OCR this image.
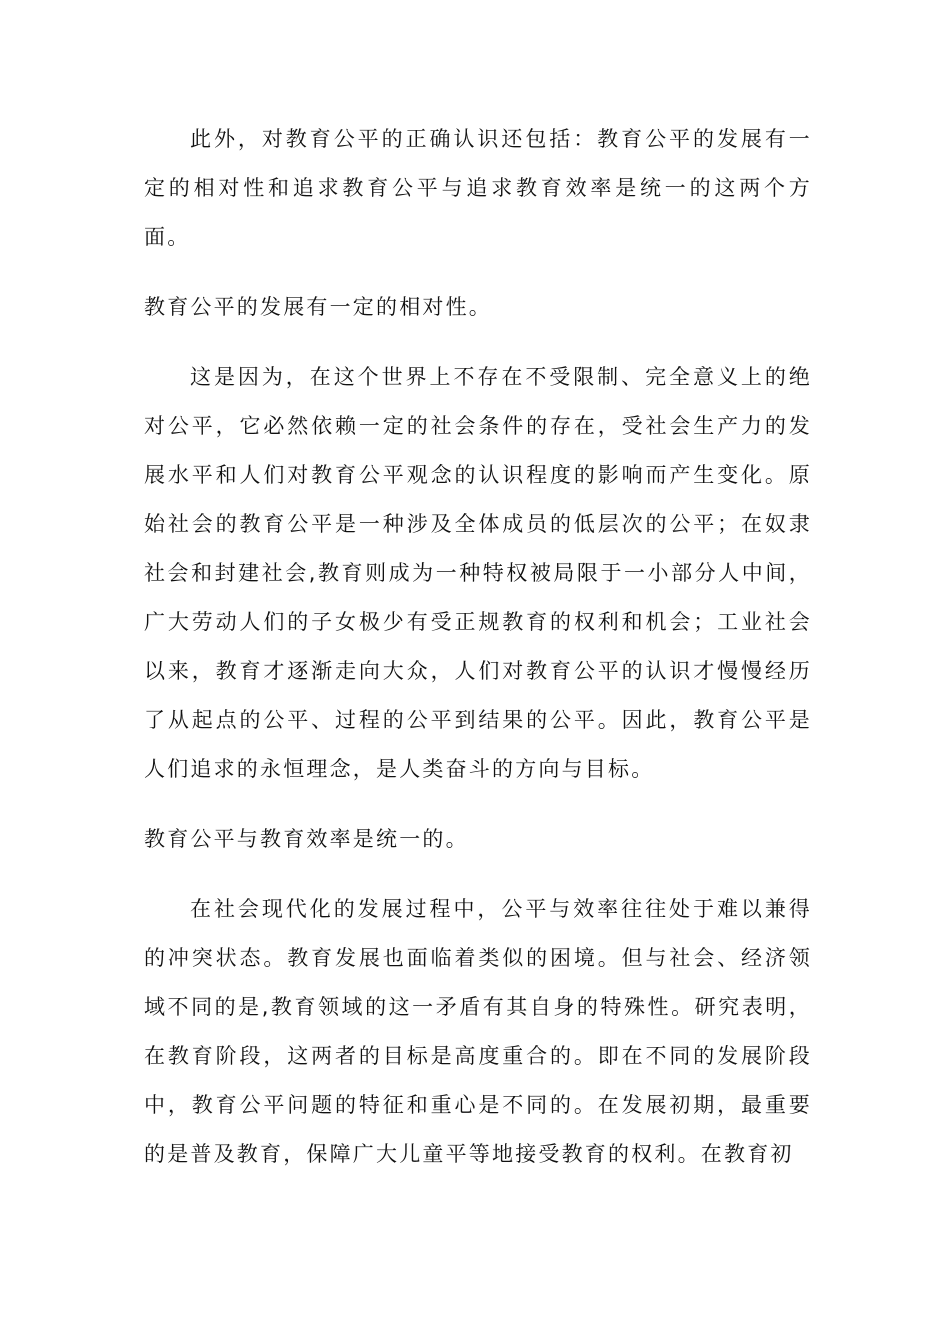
此外，对教育公平的正确认识还包括：教育公平的发展有一定的相对性和追求教育公平与追求教育效率是统一的这两个方面。

教育公平的发展有一定的相对性。

这是因为，在这个世界上不存在不受限制、完全意义上的绝对公平，它必然依赖一定的社会条件的存在，受社会生产力的发展水平和人们对教育公平观念的认识程度的影响而产生变化。原始社会的教育公平是一种涉及全体成员的低层次的公平；在奴隶社会和封建社会,教育则成为一种特权被局限于一小部分人中间，广大劳动人们的子女极少有受正规教育的权利和机会；工业社会以来，教育才逐渐走向大众，人们对教育公平的认识才慢慢经历了从起点的公平、过程的公平到结果的公平。因此，教育公平是人们追求的永恒理念，是人类奋斗的方向与目标。

教育公平与教育效率是统一的。

在社会现代化的发展过程中，公平与效率往往处于难以兼得的冲突状态。教育发展也面临着类似的困境。但与社会、经济领域不同的是,教育领域的这一矛盾有其自身的特殊性。研究表明，在教育阶段，这两者的目标是高度重合的。即在不同的发展阶段中，教育公平问题的特征和重心是不同的。在发展初期，最重要的是普及教育，保障广大儿童平等地接受教育的权利。在教育初
